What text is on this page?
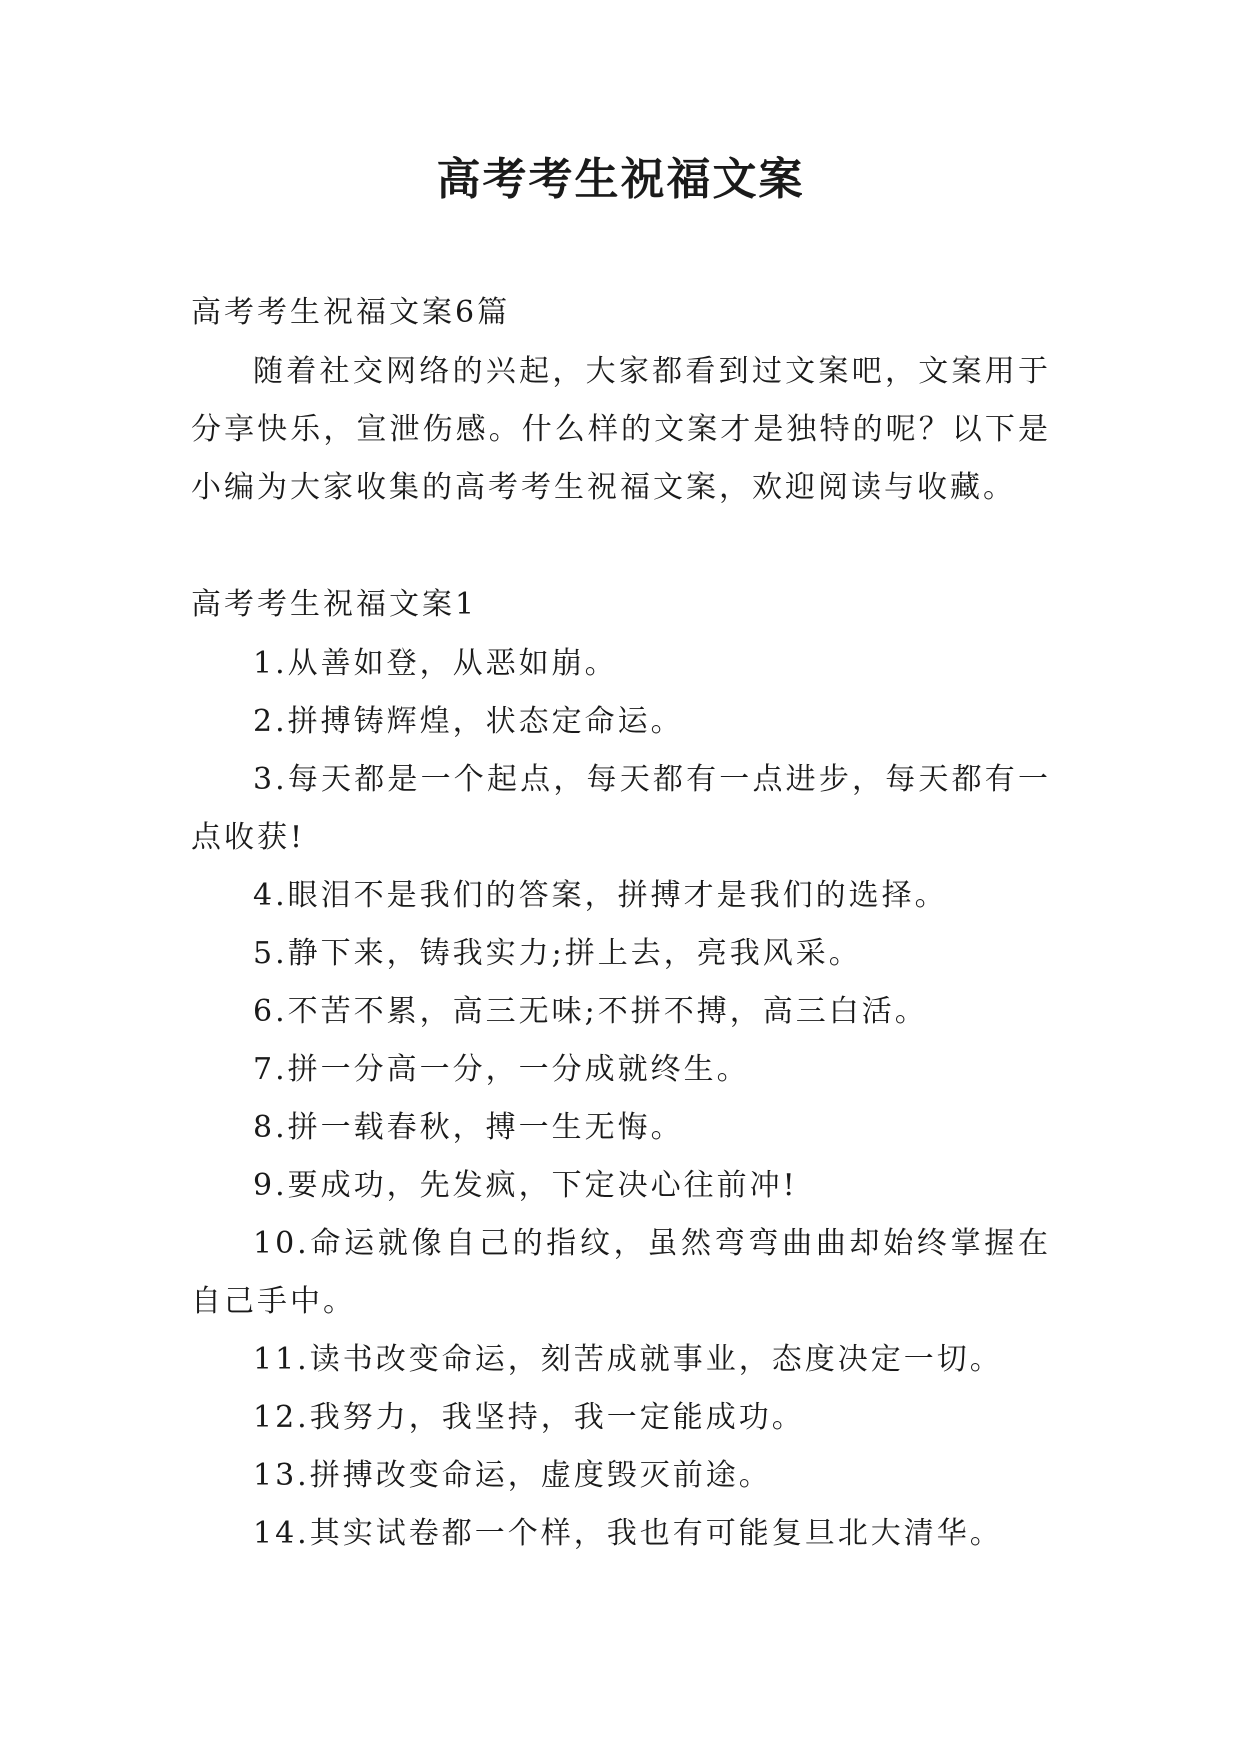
高考考生祝福文案

高考考生祝福文案6篇

随着社交网络的兴起，大家都看到过文案吧，文案用于分享快乐，宣泄伤感。什么样的文案才是独特的呢？以下是小编为大家收集的高考考生祝福文案，欢迎阅读与收藏。

高考考生祝福文案1

1.从善如登，从恶如崩。

2.拼搏铸辉煌，状态定命运。

3.每天都是一个起点，每天都有一点进步，每天都有一点收获!

4.眼泪不是我们的答案，拼搏才是我们的选择。

5.静下来，铸我实力;拼上去，亮我风采。

6.不苦不累，高三无味;不拼不搏，高三白活。

7.拼一分高一分，一分成就终生。

8.拼一载春秋，搏一生无悔。

9.要成功，先发疯，下定决心往前冲!

10.命运就像自己的指纹，虽然弯弯曲曲却始终掌握在自己手中。

11.读书改变命运，刻苦成就事业，态度决定一切。

12.我努力，我坚持，我一定能成功。

13.拼搏改变命运，虚度毁灭前途。

14.其实试卷都一个样，我也有可能复旦北大清华。
